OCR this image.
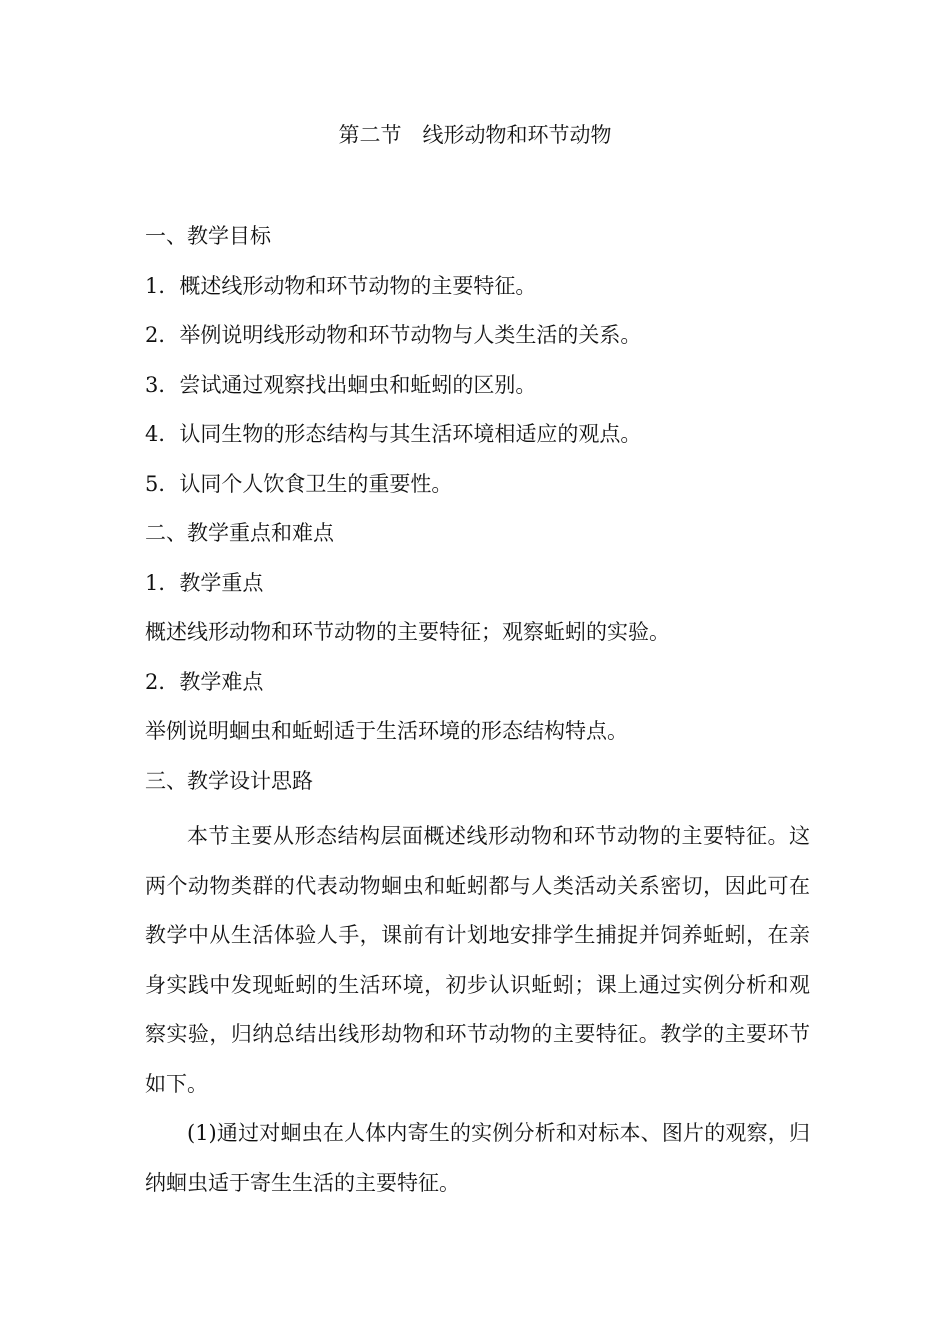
第二节　线形动物和环节动物
一、教学目标
1．概述线形动物和环节动物的主要特征。
2．举例说明线形动物和环节动物与人类生活的关系。
3．尝试通过观察找出蛔虫和蚯蚓的区别。
4．认同生物的形态结构与其生活环境相适应的观点。
5．认同个人饮食卫生的重要性。
二、教学重点和难点
1．教学重点
概述线形动物和环节动物的主要特征；观察蚯蚓的实验。
2．教学难点
举例说明蛔虫和蚯蚓适于生活环境的形态结构特点。
三、教学设计思路

本节主要从形态结构层面概述线形动物和环节动物的主要特征。这两个动物类群的代表动物蛔虫和蚯蚓都与人类活动关系密切，因此可在教学中从生活体验人手，课前有计划地安排学生捕捉并饲养蚯蚓，在亲身实践中发现蚯蚓的生活环境，初步认识蚯蚓；课上通过实例分析和观察实验，归纳总结出线形劫物和环节动物的主要特征。教学的主要环节如下。

(1)通过对蛔虫在人体内寄生的实例分析和对标本、图片的观察，归纳蛔虫适于寄生生活的主要特征。
